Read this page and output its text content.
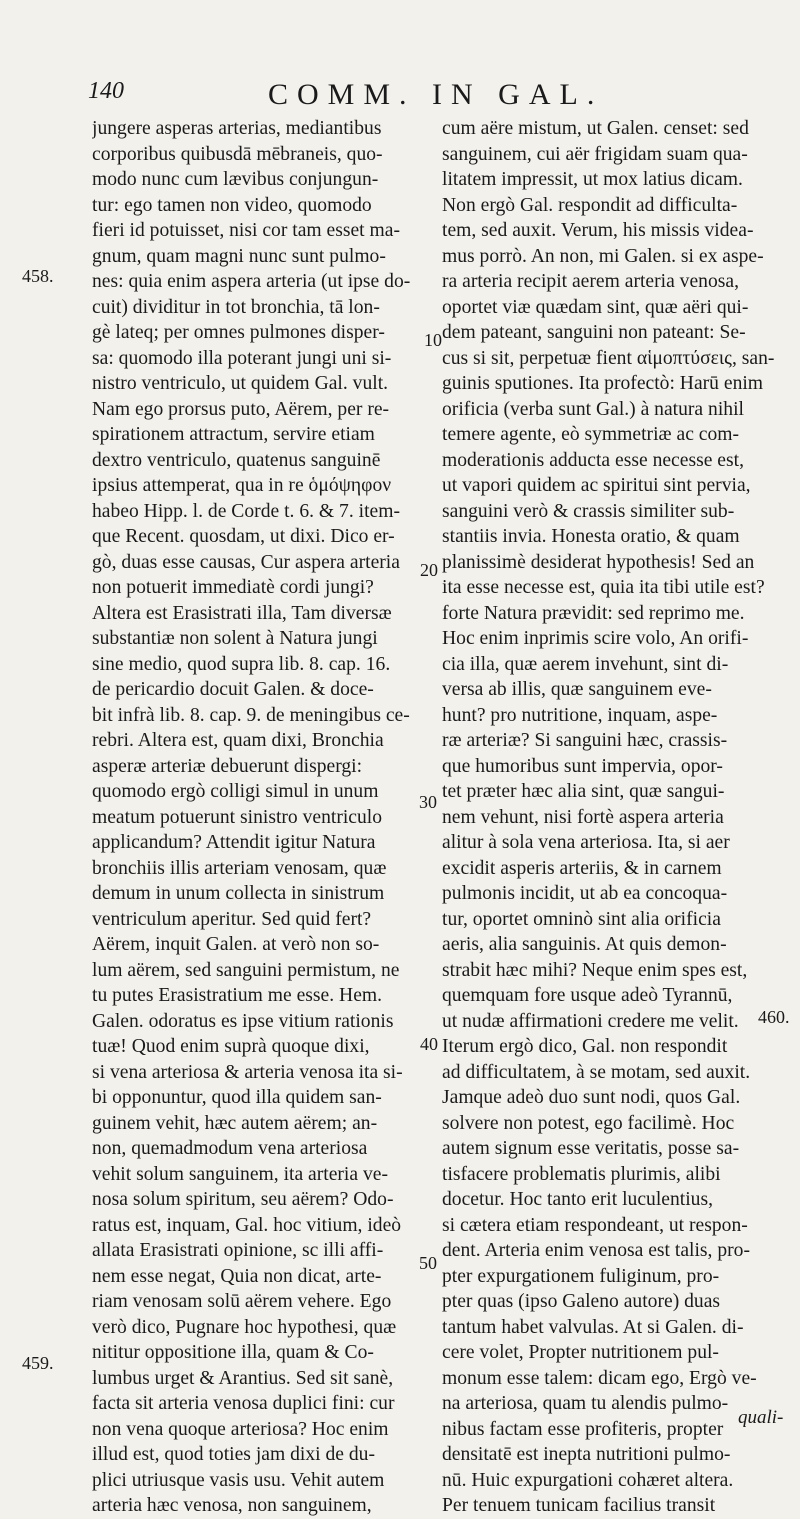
140	COMM. IN GAL.
jungere asperas arterias, mediantibus
corporibus quibusdā mēbraneis, quo-
modo nunc cum lævibus conjungun-
tur: ego tamen non video, quomodo
fieri id potuisset, nisi cor tam esset ma-
gnum, quam magni nunc sunt pulmo-
nes: quia enim aspera arteria (ut ipse do-
cuit) dividitur in tot bronchia, tā lon-
gè lateq; per omnes pulmones disper-
sa: quomodo illa poterant jungi uni si-
nistro ventriculo, ut quidem Gal. vult.
Nam ego prorsus puto, Aërem, per re-
spirationem attractum, servire etiam
dextro ventriculo, quatenus sanguinē
ipsius attemperat, qua in re ὁμόψηφον
habeo Hipp. l. de Corde t. 6. & 7. item-
que Recent. quosdam, ut dixi. Dico er-
gò, duas esse causas, Cur aspera arteria
non potuerit immediatè cordi jungi?
Altera est Erasistrati illa, Tam diversæ
substantiæ non solent à Natura jungi
sine medio, quod supra lib. 8. cap. 16.
de pericardio docuit Galen. & doce-
bit infrà lib. 8. cap. 9. de meningibus ce-
rebri. Altera est, quam dixi, Bronchia
asperæ arteriæ debuerunt dispergi:
quomodo ergò colligi simul in unum
meatum potuerunt sinistro ventriculo
applicandum? Attendit igitur Natura
bronchiis illis arteriam venosam, quæ
demum in unum collecta in sinistrum
ventriculum aperitur. Sed quid fert?
Aërem, inquit Galen. at verò non so-
lum aërem, sed sanguini permistum, ne
tu putes Erasistratium me esse. Hem.
Galen. odoratus es ipse vitium rationis
tuæ! Quod enim suprà quoque dixi,
si vena arteriosa & arteria venosa ita si-
bi opponuntur, quod illa quidem san-
guinem vehit, hæc autem aërem; an-
non, quemadmodum vena arteriosa
vehit solum sanguinem, ita arteria ve-
nosa solum spiritum, seu aërem? Odo-
ratus est, inquam, Gal. hoc vitium, ideò
allata Erasistrati opinione, sc illi affi-
nem esse negat, Quia non dicat, arte-
riam venosam solū aërem vehere. Ego
verò dico, Pugnare hoc hypothesi, quæ
nititur oppositione illa, quam & Co-
lumbus urget & Arantius. Sed sit sanè,
facta sit arteria venosa duplici fini: cur
non vena quoque arteriosa? Hoc enim
illud est, quod toties jam dixi de du-
plici utriusque vasis usu. Vehit autem
arteria hæc venosa, non sanguinem,
cum aëre mistum, ut Galen. censet: sed
sanguinem, cui aër frigidam suam qua-
litatem impressit, ut mox latius dicam.
Non ergò Gal. respondit ad difficulta-
tem, sed auxit. Verum, his missis videa-
mus porrò. An non, mi Galen. si ex aspe-
ra arteria recipit aerem arteria venosa,
oportet viæ quædam sint, quæ aëri qui-
dem pateant, sanguini non pateant: Se-
cus si sit, perpetuæ fient αἱμοπτύσεις, san-
guinis sputiones. Ita profectò: Harū enim
orificia (verba sunt Gal.) à natura nihil
temere agente, eò symmetriæ ac com-
moderationis adducta esse necesse est,
ut vapori quidem ac spiritui sint pervia,
sanguini verò & crassis similiter sub-
stantiis invia. Honesta oratio, & quam
planissimè desiderat hypothesis! Sed an
ita esse necesse est, quia ita tibi utile est?
forte Natura prævidit: sed reprimo me.
Hoc enim inprimis scire volo, An orifi-
cia illa, quæ aerem invehunt, sint di-
versa ab illis, quæ sanguinem eve-
hunt? pro nutritione, inquam, aspe-
ræ arteriæ? Si sanguini hæc, crassis-
que humoribus sunt impervia, opor-
tet præter hæc alia sint, quæ sangui-
nem vehunt, nisi fortè aspera arteria
alitur à sola vena arteriosa. Ita, si aer
excidit asperis arteriis, & in carnem
pulmonis incidit, ut ab ea concoqua-
tur, oportet omninò sint alia orificia
aeris, alia sanguinis. At quis demon-
strabit hæc mihi? Neque enim spes est,
quemquam fore usque adeò Tyrannū,
ut nudæ affirmationi credere me velit.
Iterum ergò dico, Gal. non respondit
ad difficultatem, à se motam, sed auxit.
Jamque adeò duo sunt nodi, quos Gal.
solvere non potest, ego facilimè. Hoc
autem signum esse veritatis, posse sa-
tisfacere problematis plurimis, alibi
docetur. Hoc tanto erit luculentius,
si cætera etiam respondeant, ut respon-
dent. Arteria enim venosa est talis, pro-
pter expurgationem fuliginum, pro-
pter quas (ipso Galeno autore) duas
tantum habet valvulas. At si Galen. di-
cere volet, Propter nutritionem pul-
monum esse talem: dicam ego, Ergò ve-
na arteriosa, quam tu alendis pulmo-
nibus factam esse profiteris, propter
densitatē est inepta nutritioni pulmo-
nū. Huic expurgationi cohæret altera.
Per tenuem tunicam facilius transit
458.
459.
460.
10
20
30
40
50
quali-
